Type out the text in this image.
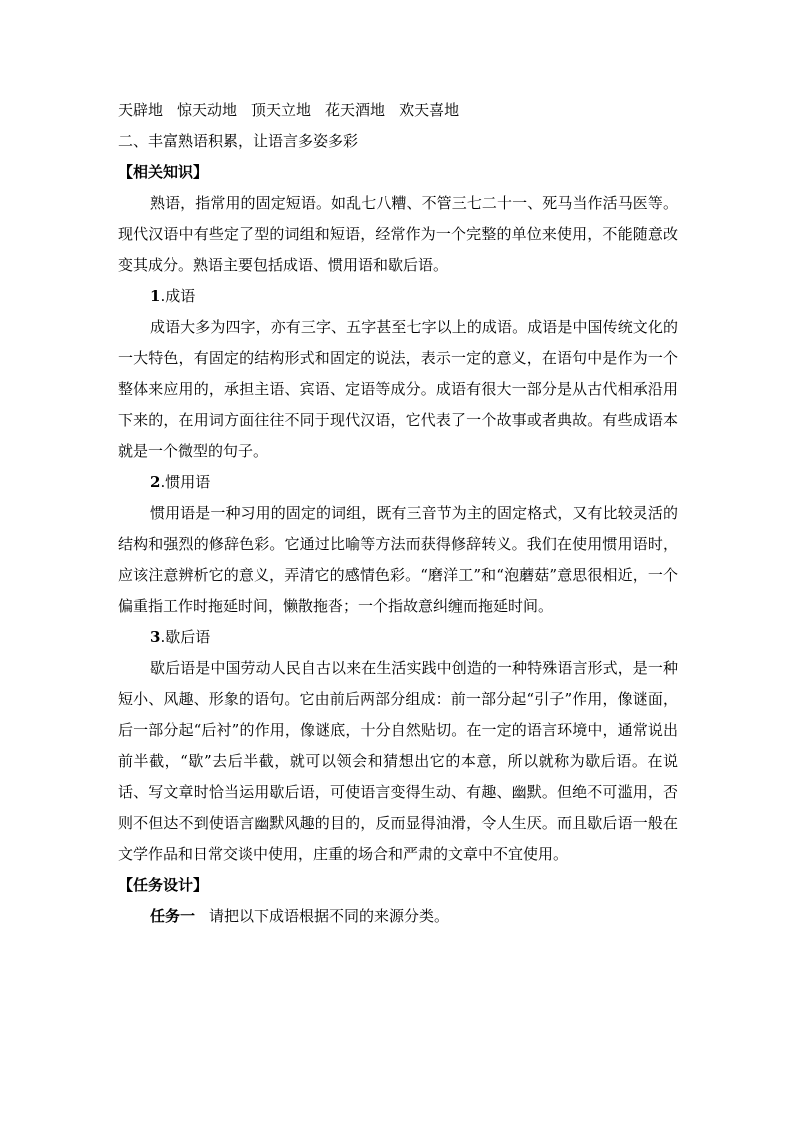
天辟地 惊天动地 顶天立地 花天酒地 欢天喜地
二、丰富熟语积累，让语言多姿多彩
【相关知识】

熟语，指常用的固定短语。如乱七八糟、不管三七二十一、死马当作活马医等。现代汉语中有些定了型的词组和短语，经常作为一个完整的单位来使用，不能随意改变其成分。熟语主要包括成语、惯用语和歇后语。

1.成语

成语大多为四字，亦有三字、五字甚至七字以上的成语。成语是中国传统文化的一大特色，有固定的结构形式和固定的说法，表示一定的意义，在语句中是作为一个整体来应用的，承担主语、宾语、定语等成分。成语有很大一部分是从古代相承沿用下来的，在用词方面往往不同于现代汉语，它代表了一个故事或者典故。有些成语本就是一个微型的句子。

2.惯用语

惯用语是一种习用的固定的词组，既有三音节为主的固定格式，又有比较灵活的结构和强烈的修辞色彩。它通过比喻等方法而获得修辞转义。我们在使用惯用语时，应该注意辨析它的意义，弄清它的感情色彩。“磨洋工”和“泡蘑菇”意思很相近，一个偏重指工作时拖延时间，懒散拖沓；一个指故意纠缠而拖延时间。

3.歇后语

歇后语是中国劳动人民自古以来在生活实践中创造的一种特殊语言形式，是一种短小、风趣、形象的语句。它由前后两部分组成：前一部分起“引子”作用，像谜面，后一部分起“后衬”的作用，像谜底，十分自然贴切。在一定的语言环境中，通常说出前半截，“歇”去后半截，就可以领会和猜想出它的本意，所以就称为歇后语。在说话、写文章时恰当运用歇后语，可使语言变得生动、有趣、幽默。但绝不可滥用，否则不但达不到使语言幽默风趣的目的，反而显得油滑，令人生厌。而且歇后语一般在文学作品和日常交谈中使用，庄重的场合和严肃的文章中不宜使用。

【任务设计】

任务一 请把以下成语根据不同的来源分类。
